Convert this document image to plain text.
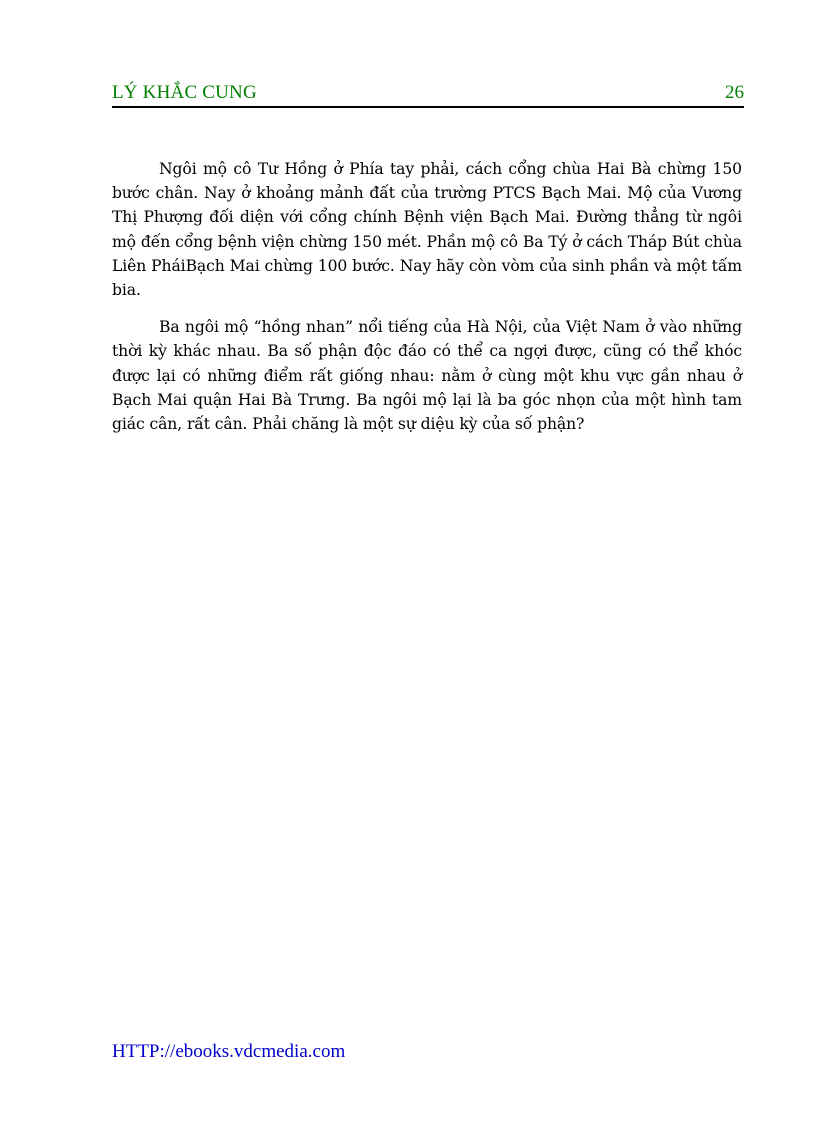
LÝ KHẮC CUNG	26

Ngôi mộ cô Tư Hồng ở Phía tay phải, cách cổng chùa Hai Bà chừng 150 bước chân. Nay ở khoảng mảnh đất của trường PTCS Bạch Mai. Mộ của Vương Thị Phượng đối diện với cổng chính Bệnh viện Bạch Mai. Đường thẳng từ ngôi mộ đến cổng bệnh viện chừng 150 mét. Phần mộ cô Ba Tý ở cách Tháp Bút chùa Liên PháiBạch Mai chừng 100 bước. Nay hãy còn vòm của sinh phần và một tấm bia.

Ba ngôi mộ “hồng nhan” nổi tiếng của Hà Nội, của Việt Nam ở vào những thời kỳ khác nhau. Ba số phận độc đáo có thể ca ngợi được, cũng có thể khóc được lại có những điểm rất giống nhau: nằm ở cùng một khu vực gần nhau ở Bạch Mai quận Hai Bà Trưng. Ba ngôi mộ lại là ba góc nhọn của một hình tam giác cân, rất cân. Phải chăng là một sự diệu kỳ của số phận?

HTTP://ebooks.vdcmedia.com
